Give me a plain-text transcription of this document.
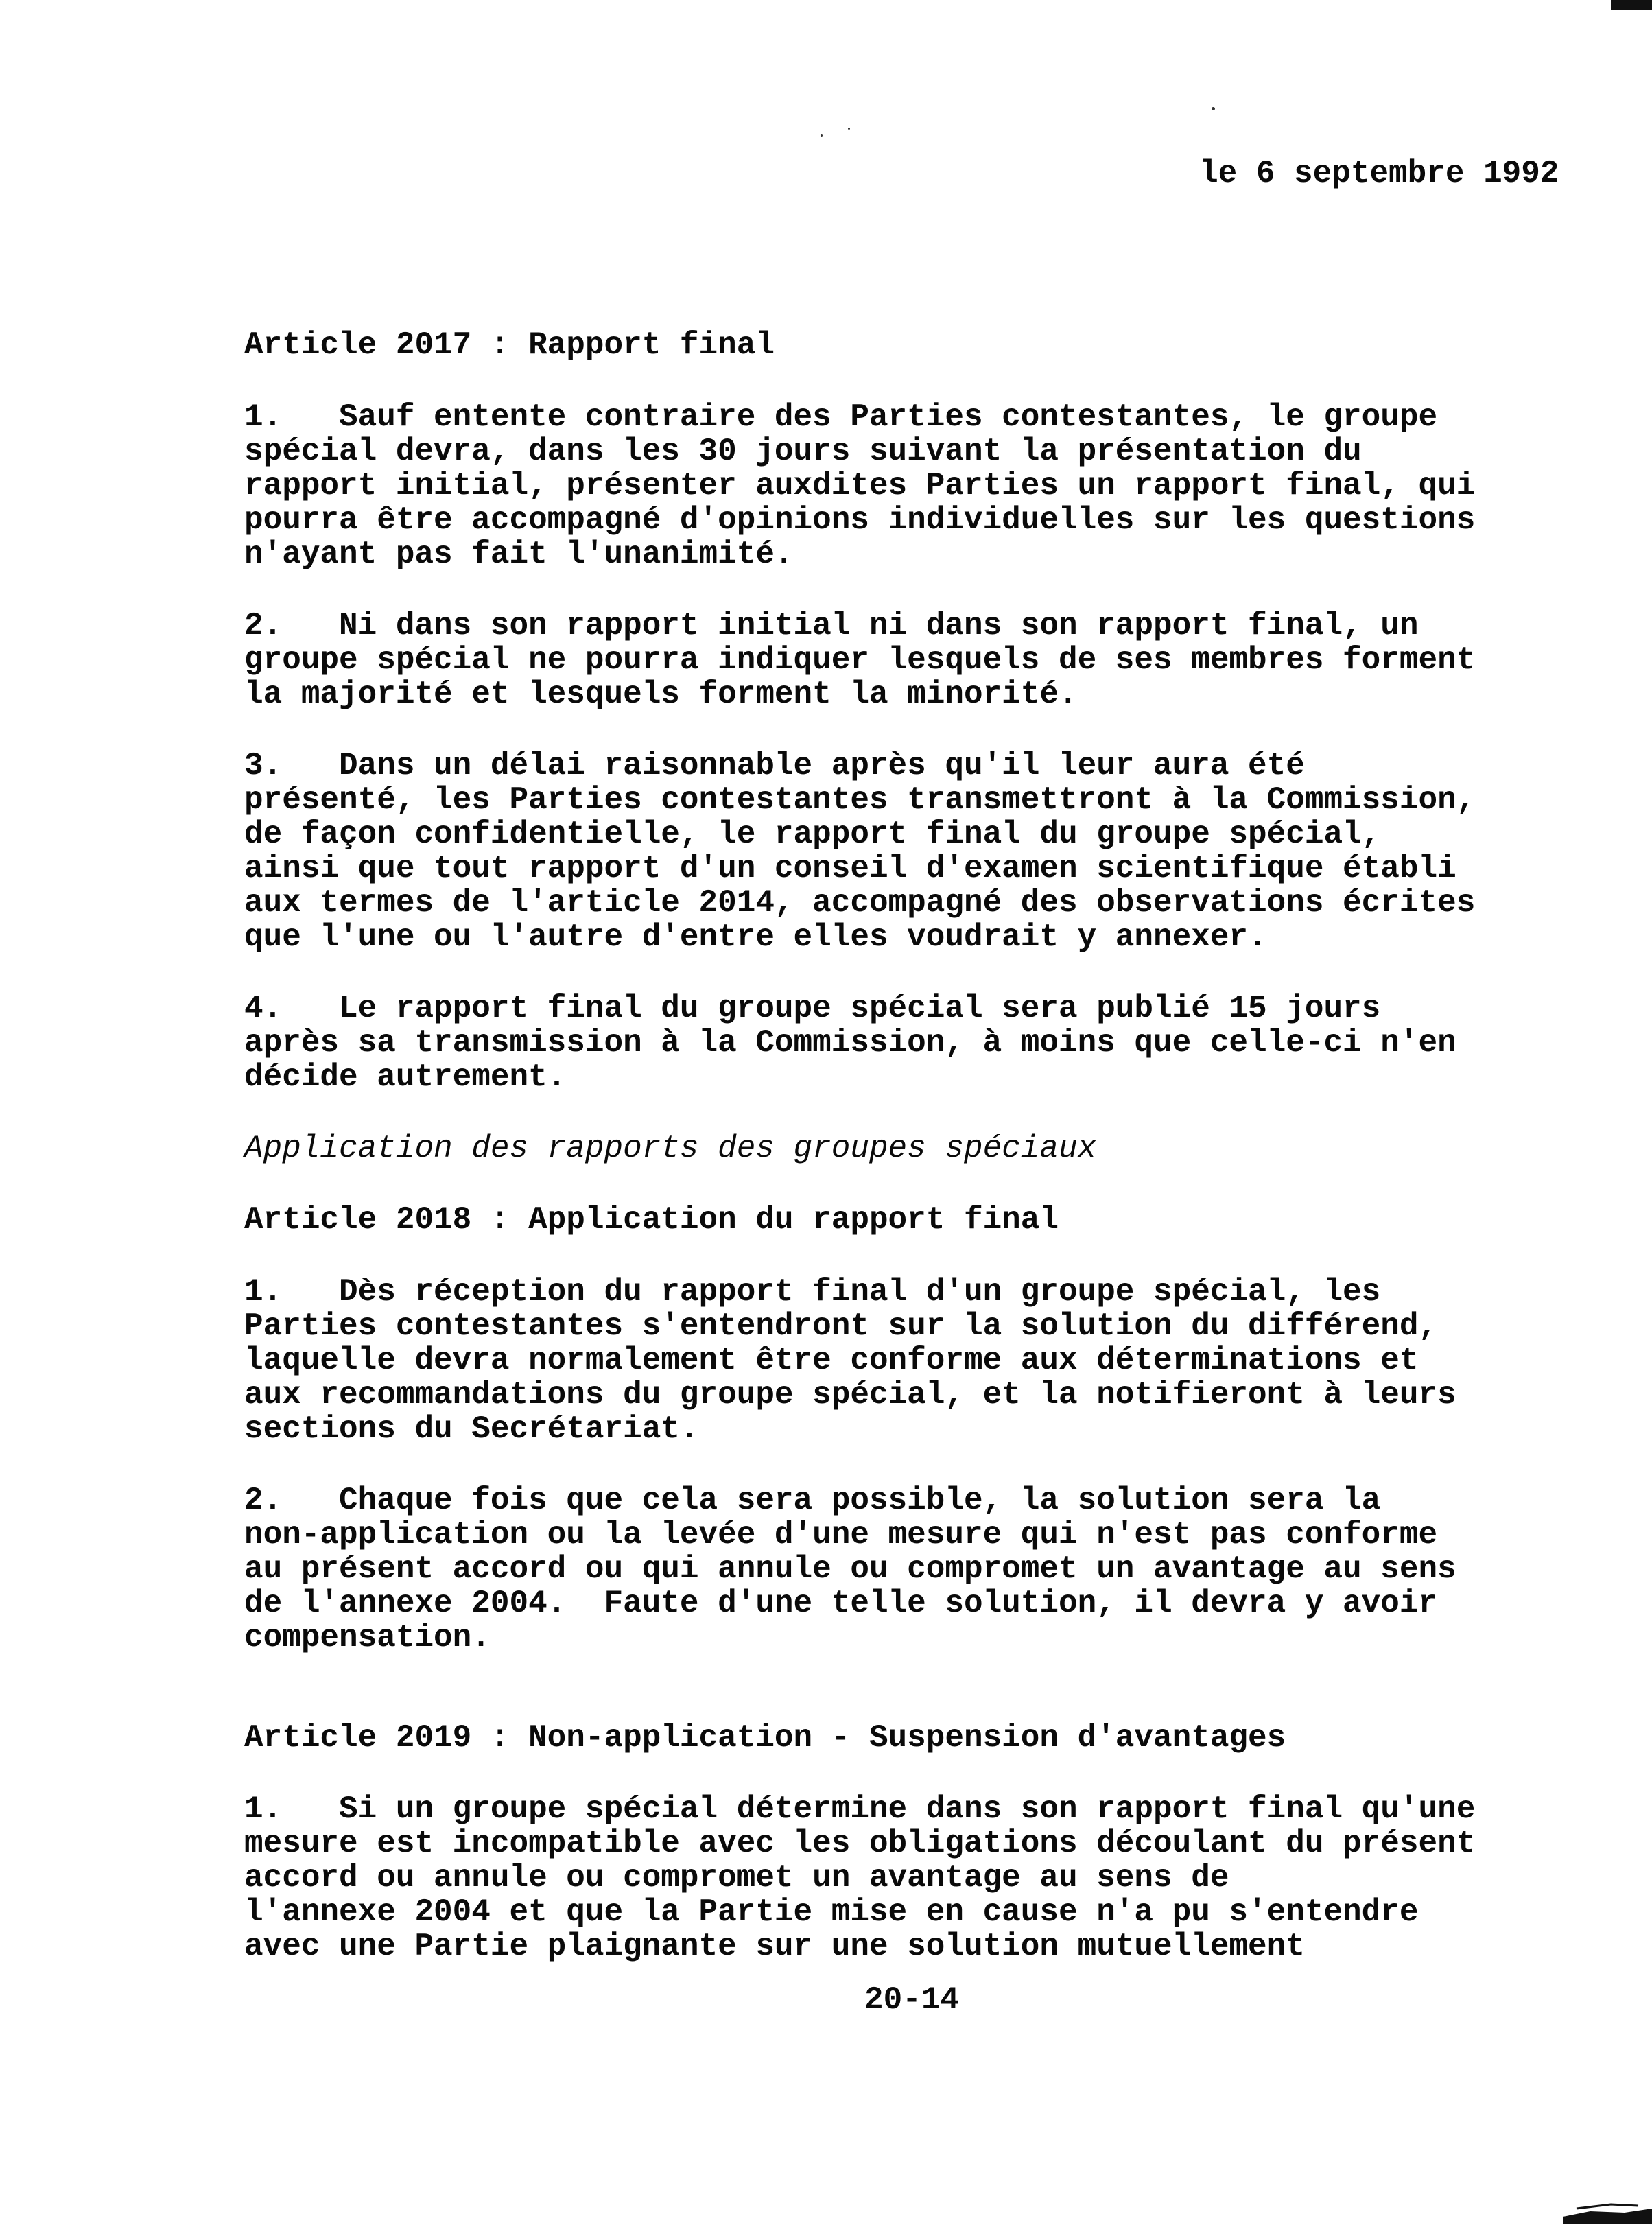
le 6 septembre 1992
Article 2017 : Rapport final
1.   Sauf entente contraire des Parties contestantes, le groupe
spécial devra, dans les 30 jours suivant la présentation du
rapport initial, présenter auxdites Parties un rapport final, qui
pourra être accompagné d'opinions individuelles sur les questions
n'ayant pas fait l'unanimité.
2.   Ni dans son rapport initial ni dans son rapport final, un
groupe spécial ne pourra indiquer lesquels de ses membres forment
la majorité et lesquels forment la minorité.
3.   Dans un délai raisonnable après qu'il leur aura été
présenté, les Parties contestantes transmettront à la Commission,
de façon confidentielle, le rapport final du groupe spécial,
ainsi que tout rapport d'un conseil d'examen scientifique établi
aux termes de l'article 2014, accompagné des observations écrites
que l'une ou l'autre d'entre elles voudrait y annexer.
4.   Le rapport final du groupe spécial sera publié 15 jours
après sa transmission à la Commission, à moins que celle-ci n'en
décide autrement.
Application des rapports des groupes spéciaux
Article 2018 : Application du rapport final
1.   Dès réception du rapport final d'un groupe spécial, les
Parties contestantes s'entendront sur la solution du différend,
laquelle devra normalement être conforme aux déterminations et
aux recommandations du groupe spécial, et la notifieront à leurs
sections du Secrétariat.
2.   Chaque fois que cela sera possible, la solution sera la
non-application ou la levée d'une mesure qui n'est pas conforme
au présent accord ou qui annule ou compromet un avantage au sens
de l'annexe 2004.  Faute d'une telle solution, il devra y avoir
compensation.
Article 2019 : Non-application - Suspension d'avantages
1.   Si un groupe spécial détermine dans son rapport final qu'une
mesure est incompatible avec les obligations découlant du présent
accord ou annule ou compromet un avantage au sens de
l'annexe 2004 et que la Partie mise en cause n'a pu s'entendre
avec une Partie plaignante sur une solution mutuellement
20-14
